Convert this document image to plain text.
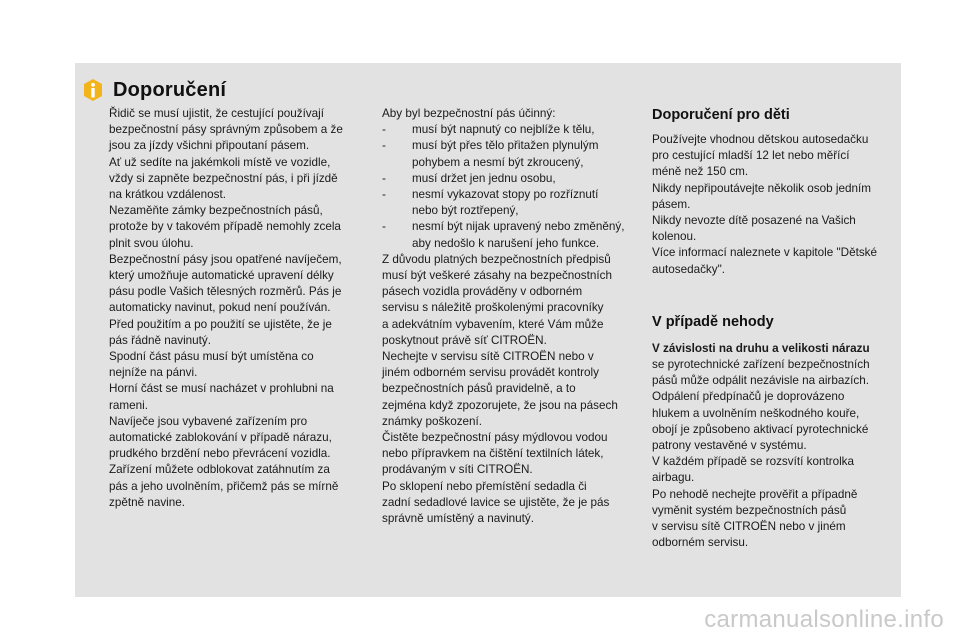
Doporučení

Řidič se musí ujistit, že cestující používají

bezpečnostní pásy správným způsobem a že

jsou za jízdy všichni připoutaní pásem.

Ať už sedíte na jakémkoli místě ve vozidle,

vždy si zapněte bezpečnostní pás, i při jízdě

na krátkou vzdálenost.

Nezaměňte zámky bezpečnostních pásů,

protože by v takovém případě nemohly zcela

plnit svou úlohu.

Bezpečnostní pásy jsou opatřené navíječem,

který umožňuje automatické upravení délky

pásu podle Vašich tělesných rozměrů. Pás je

automaticky navinut, pokud není používán.

Před použitím a po použití se ujistěte, že je

pás řádně navinutý.

Spodní část pásu musí být umístěna co

nejníže na pánvi.

Horní část se musí nacházet v prohlubni na

rameni.

Navíječe jsou vybavené zařízením pro

automatické zablokování v případě nárazu,

prudkého brzdění nebo převrácení vozidla.

Zařízení můžete odblokovat zatáhnutím za

pás a jeho uvolněním, přičemž pás se mírně

zpětně navine.

Aby byl bezpečnostní pás účinný:

- musí být napnutý co nejblíže k tělu,

- musí být přes tělo přitažen plynulým

pohybem a nesmí být zkroucený,

- musí držet jen jednu osobu,

- nesmí vykazovat stopy po rozříznutí

nebo být roztřepený,

- nesmí být nijak upravený nebo změněný,

aby nedošlo k narušení jeho funkce.

Z důvodu platných bezpečnostních předpisů

musí být veškeré zásahy na bezpečnostních

pásech vozidla prováděny v odborném

servisu s náležitě proškolenými pracovníky

a adekvátním vybavením, které Vám může

poskytnout právě síť CITROËN.

Nechejte v servisu sítě CITROËN nebo v

jiném odborném servisu provádět kontroly

bezpečnostních pásů pravidelně, a to

zejména když zpozorujete, že jsou na pásech

známky poškození.

Čistěte bezpečnostní pásy mýdlovou vodou

nebo přípravkem na čištění textilních látek,

prodávaným v síti CITROËN.

Po sklopení nebo přemístění sedadla či

zadní sedadlové lavice se ujistěte, že je pás

správně umístěný a navinutý.

Doporučení pro děti

Používejte vhodnou dětskou autosedačku

pro cestující mladší 12 let nebo měřící

méně než 150 cm.

Nikdy nepřipoutávejte několik osob jedním

pásem.

Nikdy nevozte dítě posazené na Vašich

kolenou.

Více informací naleznete v kapitole "Dětské

autosedačky".

V případě nehody

V závislosti na druhu a velikosti nárazu

se pyrotechnické zařízení bezpečnostních

pásů může odpálit nezávisle na airbazích.

Odpálení předpínačů je doprovázeno

hlukem a uvolněním neškodného kouře,

obojí je způsobeno aktivací pyrotechnické

patrony vestavěné v systému.

V každém případě se rozsvítí kontrolka

airbagu.

Po nehodě nechejte prověřit a případně

vyměnit systém bezpečnostních pásů

v servisu sítě CITROËN nebo v jiném

odborném servisu.

carmanualsonline.info
